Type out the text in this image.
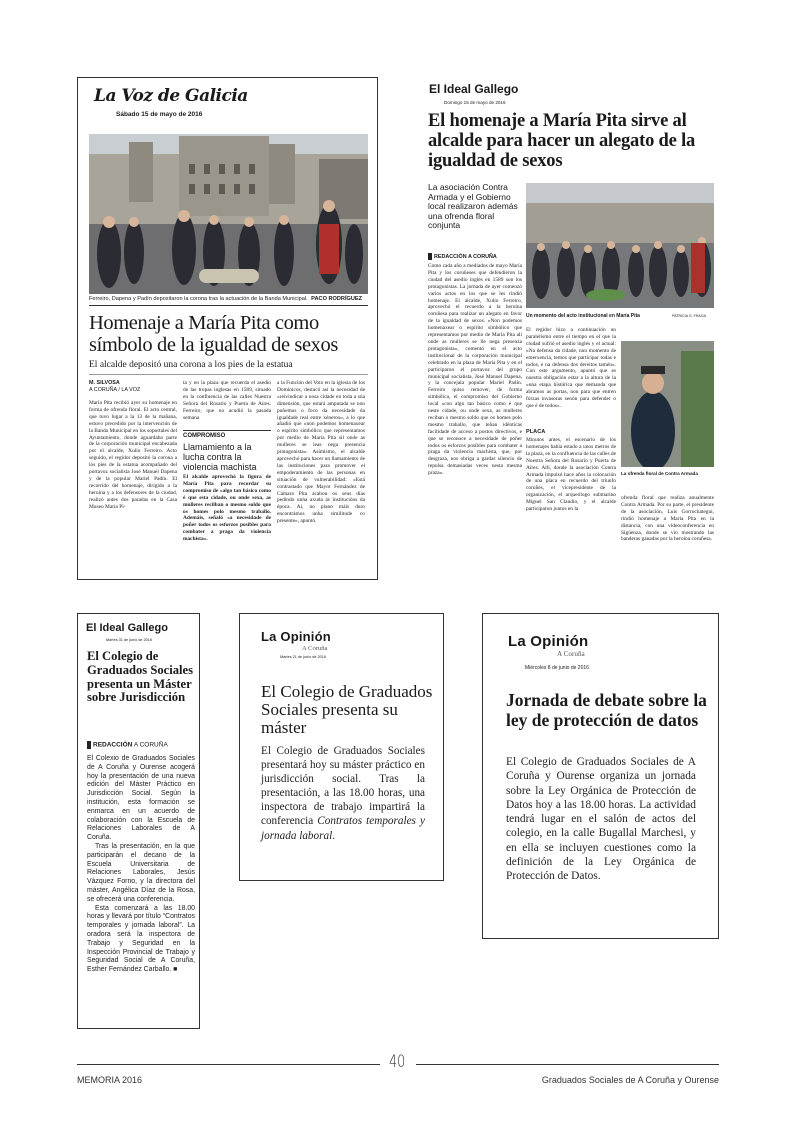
La Voz de Galicia
Sábado 15 de mayo de 2016
Ferreiro, Dapena y Padín depositaron la corona tras la actuación de la Banda Municipal. PACO RODRÍGUEZ
Homenaje a María Pita como símbolo de la igualdad de sexos
El alcalde depositó una corona a los pies de la estatua
M. SILVOSA
A CORUÑA / LA VOZ
María Pita recibió ayer su homenaje en forma de ofrenda floral. El acto central, que tuvo lugar a la 13 de la mañana, estuvo precedido por la intervención de la Banda Municipal en los soportales del Ayuntamiento, donde aguardaba parte de la corporación municipal encabezada por el alcalde, Xulio Ferreiro. Acto seguido, el regidor depositó la corona a los pies de la estatua acompañado del portavoz socialista José Manuel Dapena y de la popular Mariel Padín. El recorrido del homenaje, dirigido a la heroína y a los defensores de la ciudad, realizó antes dos paradas en la Casa Museo María Pi-
ta y en la plaza que recuerda el asedio de las tropas inglesas en 1589, situado en la confluencia de las calles Nuestra Señora del Rosario y Puerta de Aires. Ferreiro, que no acudió la pasada semana
COMPROMISO
Llamamiento a la lucha contra la violencia machista
El alcalde aprovechó la figura de María Pita para recordar su compromiso de «algo tan básico como é que esta cidade, ou onde sexa, as mulleres recilban o mesmo soldo que os homes polo mesmo traballo. Ademáis, señaló «a necesidade de poñer todos os esforzos posibles para combater a praga da violencia machista».
a la Función del Voto en la iglesia de los Dominicos, destacó así la necesidad de «reivindicar a nosa cidade en toda a súa dimensión, que estará amputada se non puñemos o foco da necesidade da igualdade real entre xéneros», a lo que añadió que «non podemos homenaxear o espírito simbólico que representamos por medio de María Pita sil onde as mulleres se leas nega presencia protagonista». Asimismo, el alcalde aprovechó para hacer un llamamiento de las instituciones para promover el empoderamiento de las personas en situación de vulnerabilidad: «Está contrastado que Mayor Fernández de Cámara Pita acabou os seus días pedindo unha axuda ás institucións da época. Ai, no plano máis duro encontrámos unha similitude co presente», apuntó.
El Ideal Gallego
Domingo 15 de mayo de 2016
El homenaje a María Pita sirve al alcalde para hacer un alegato de la igualdad de sexos
La asociación Contra Armada y el Gobierno local realizaron además una ofrenda floral conjunta
REDACCIÓN A CORUÑA
Como cada año a mediados de mayo María Pita y los coruñeses que defendieron la ciudad del asedio inglés en 1589 son los protagonistas. La jornada de ayer comenzó varios actos en los que se les rindió homenaje. El alcalde, Xulio Ferreiro, aprovechó el recuerdo a la heroína coruñesa para realizar un alegato en favor de la igualdad de sexos. «Non podemos homenaxear o espírito simbólico que representamos por medio de María Pita ali onde as mulleres se lle nega presenza protagonista», comentó en el acto institucional de la corporación municipal celebrado en la plaza de María Pita y en el participaron el portavoz del grupo municipal socialista, José Manuel Dapena, y la concejala popular Mariel Padín. Ferreiro quiso remover, de forma simbólica, el compromiso del Gobierno local «con algo tan básico como é que neste cidade, ou onde sexa, as mulleres reciban o mesmo soldo que os homes polo mesmo traballo, que teñan idénticas facilidade de acceso a postos directivos, e que se reconoce a necesidade de poñer todos os esforzos posibles para combater a praga da violencia machista, que, por desgraza, nos obriga a gardar silencio de repulsa demasiadas veces nesta mesma praza».
Un momento del acto institucional en María Pita	PATRICIA G. FRAGA
El regidor hizo a continuación un paralelismo entre el tiempo en el que la ciudad sufrió el asedio inglés y el actual: «Na defensa da cidade, nun momento de emerxencia, temos que participar todas e todos, e na defensa dos dereitos tamén». Con este argumento, apuntó que es nuestra obligación estar a la altura de la «una etapa histórica que demanda que abramos as portas, non para que entren forzas invasoras senón para defender o que é de todos».
PLACA
Minutos antes, el escenario de los homenajes había estado a unos metros de la plaza, en la confluencia de las calles de Nuestra Señora del Rosario y Puerta de Aires. Allí, donde la asociación Contra Armada impulsó hace años la colocación de una placa en recuerdo del triunfo coruñés, el vicepresidente de la organización, el arqueólogo submarino Miguel San Claudio, y el alcalde participaron juntos en la
La ofrenda floral de Contra Armada
ofrenda floral que realiza anualmente Contra Armada. Por su parte, el presidente de la asociación, Luis Gorrochategui, rindió homenaje a María Pita en la distancia, con una videoconferencia en Sigüenza, donde se vio mostrando las banderas ganadas por la heroína coruñesa.
El Ideal Gallego
Martes 31 de junio de 2016
El Colegio de Graduados Sociales presenta un Máster sobre Jurisdicción
REDACCIÓN A CORUÑA

El Colexio de Graduados Sociales de A Coruña y Ourense acogerá hoy la presentación de una nueva edición del Máster Práctico en Jurisdicción Social. Según la institución, esta formación se enmarca en un acuerdo de colaboración con la Escuela de Relaciones Laborales de A Coruña.

Tras la presentación, en la que participarán el decano de la Escuela Universitaria de Relaciones Laborales, Jesús Vázquez Forno, y la directora del máster, Angélica Díaz de la Rosa, se ofrecerá una conferencia.

Esta comenzará a las 18.00 horas y llevará por título “Contratos temporales y jornada laboral”. La oradora será la inspectora de Trabajo y Seguridad en la Inspección Provincial de Trabajo y Seguridad Social de A Coruña, Esther Fernández Carballo. ■

La Opinión
A Coruña
Martes 21 de junio de 2016
El Colegio de Graduados Sociales presenta su máster
El Colegio de Graduados Sociales presentará hoy su máster práctico en jurisdicción social. Tras la presentación, a las 18.00 horas, una inspectora de trabajo impartirá la conferencia Contratos temporales y jornada laboral.
La Opinión
A Coruña
Miércoles 8 de junio de 2016
Jornada de debate sobre la ley de protección de datos
El Colegio de Graduados Sociales de A Coruña y Ourense organiza un jornada sobre la Ley Orgánica de Protección de Datos hoy a las 18.00 horas. La actividad tendrá lugar en el salón de actos del colegio, en la calle Bugallal Marchesi, y en ella se incluyen cuestiones como la definición de la Ley Orgánica de Protección de Datos.
40
MEMORIA 2016	Graduados Sociales de A Coruña y Ourense
